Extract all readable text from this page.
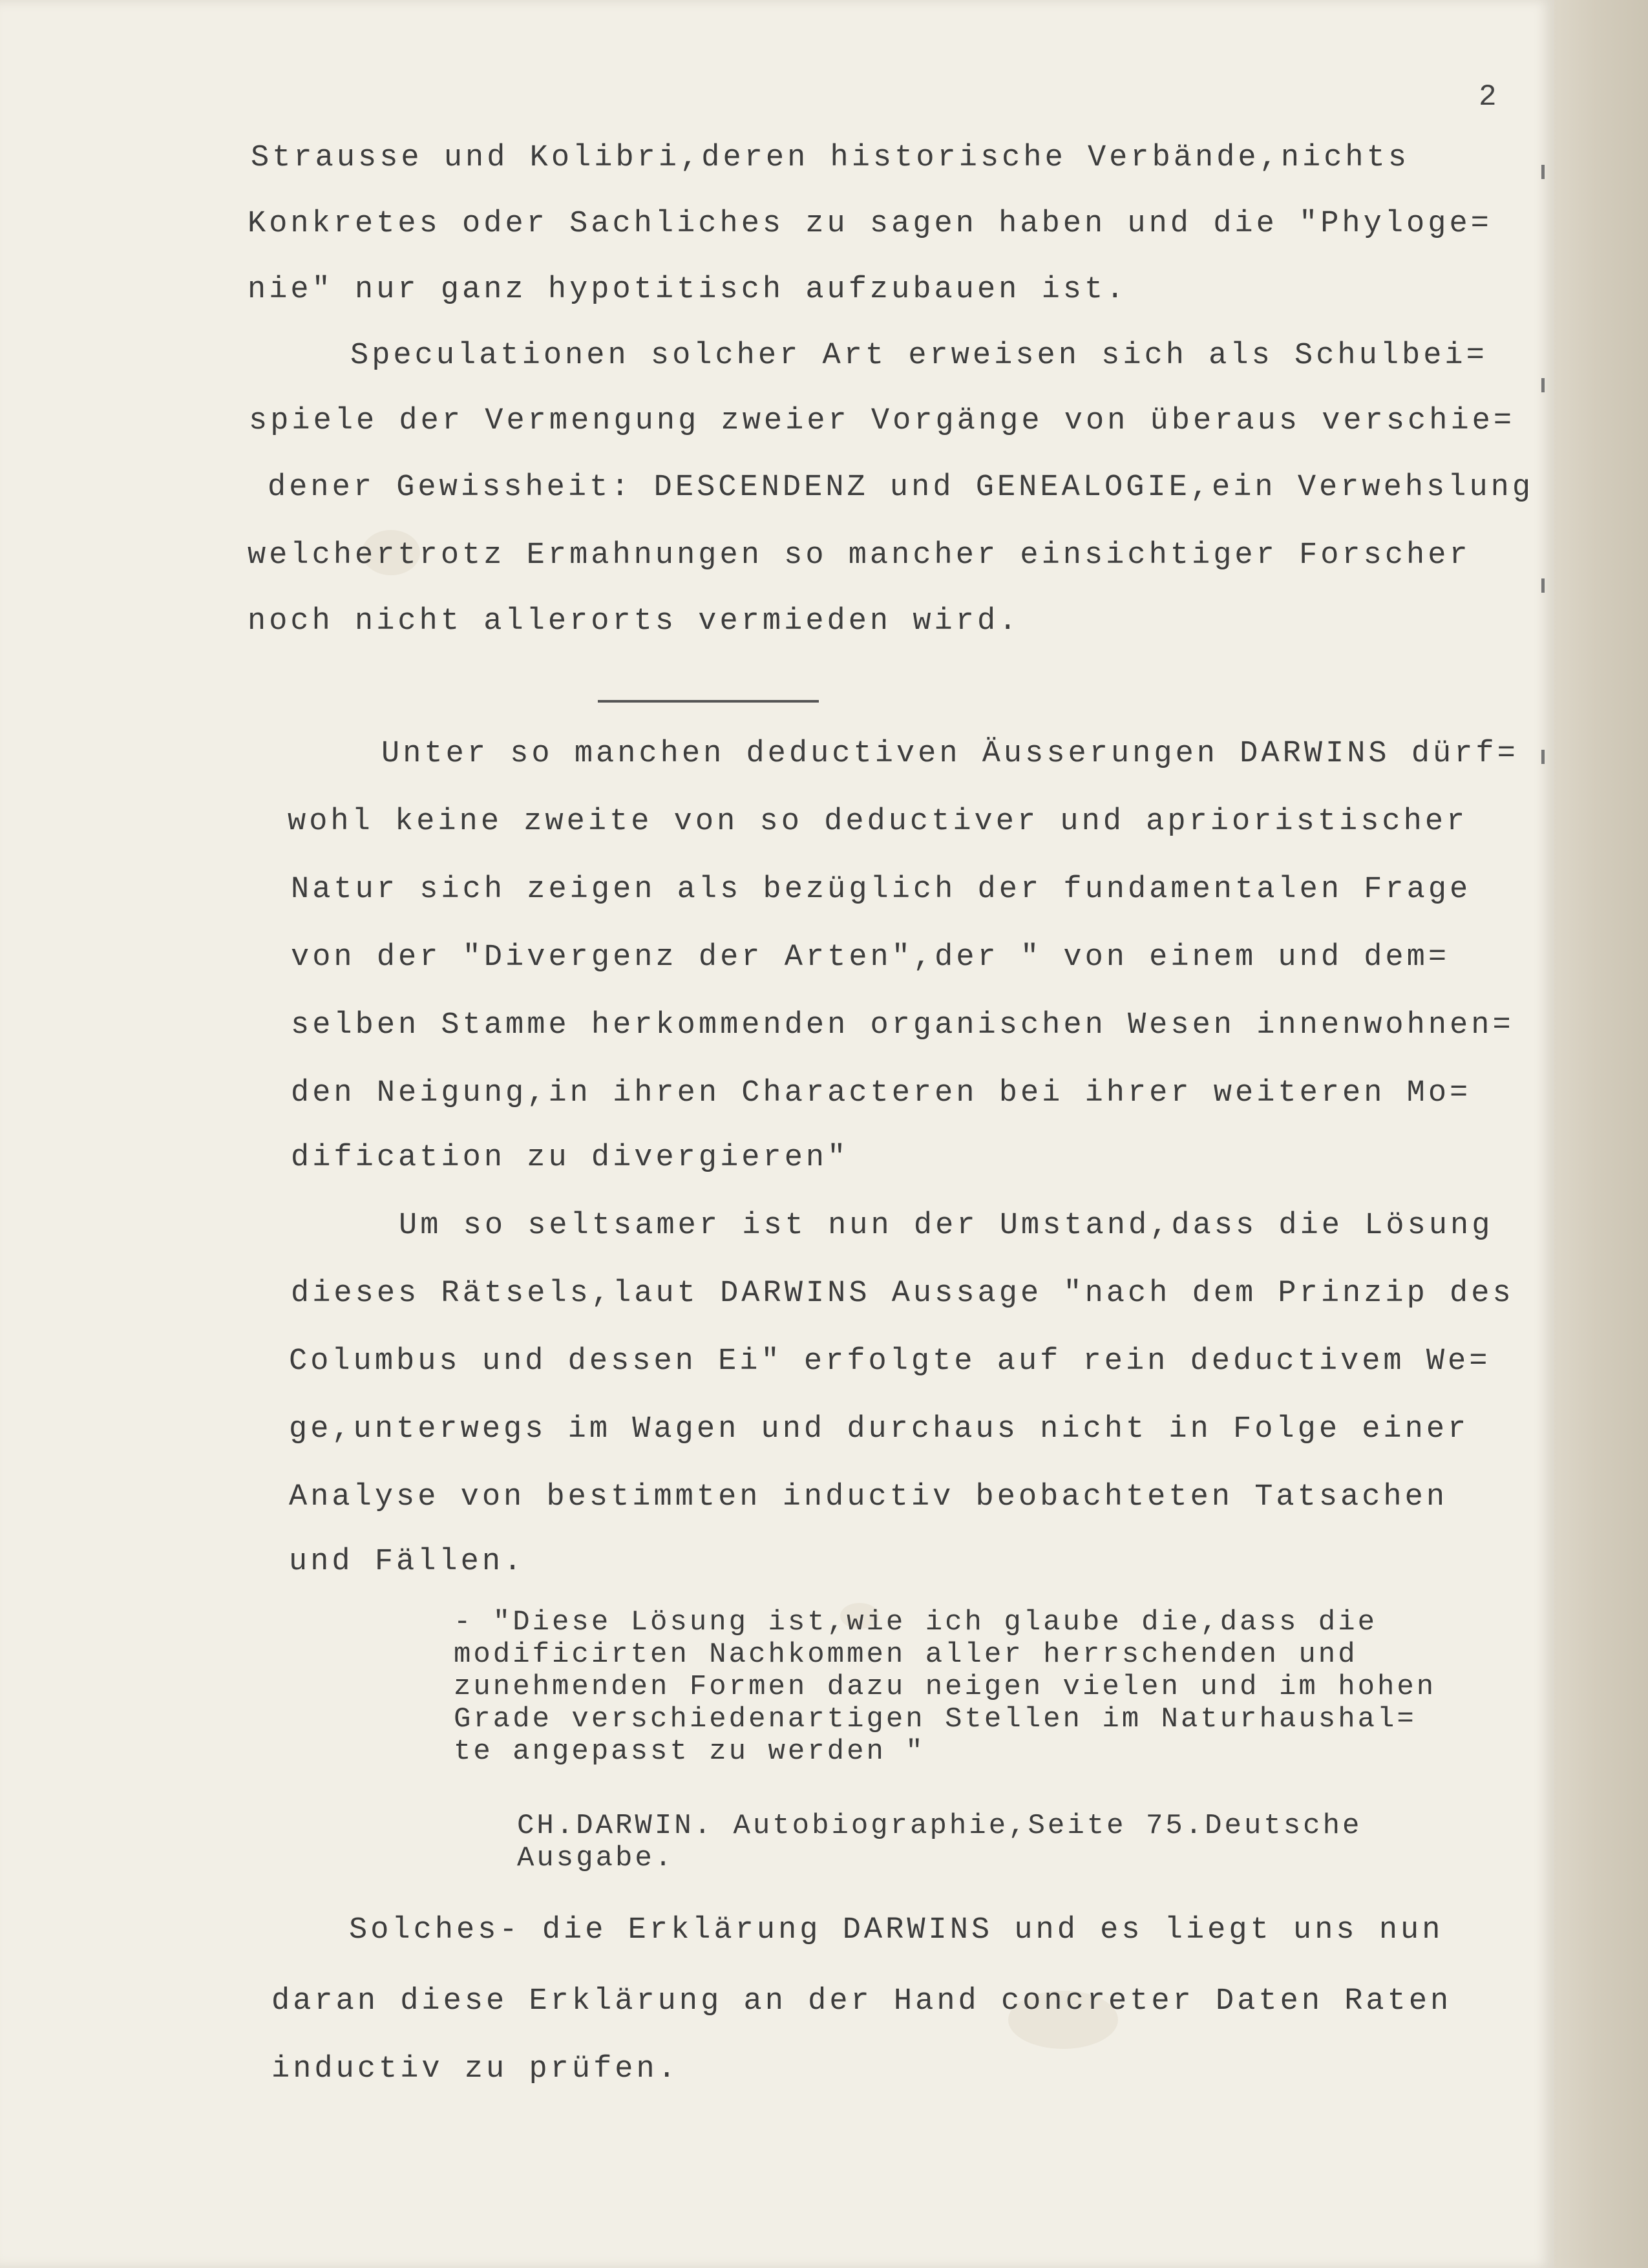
2
Strausse und Kolibri,deren historische Verbände,nichts
Konkretes oder Sachliches zu sagen haben und die "Phyloge=
nie" nur ganz hypotitisch aufzubauen ist.
Speculationen solcher Art erweisen sich als Schulbei=
spiele der Vermengung zweier Vorgänge von überaus verschie=
dener Gewissheit: DESCENDENZ und GENEALOGIE,ein Verwehslung
welchertrotz Ermahnungen so mancher einsichtiger Forscher
noch nicht allerorts vermieden wird.
Unter so manchen deductiven Äusserungen DARWINS dürf=
wohl keine zweite von so deductiver und aprioristischer
Natur sich zeigen als bezüglich der fundamentalen Frage
von der "Divergenz der Arten",der " von einem und dem=
selben Stamme herkommenden organischen Wesen innenwohnen=
den Neigung,in ihren Characteren bei ihrer weiteren Mo=
dification zu divergieren"
Um so seltsamer ist nun der Umstand,dass die Lösung
dieses Rätsels,laut DARWINS Aussage "nach dem Prinzip des
Columbus und dessen Ei" erfolgte auf rein deductivem We=
ge,unterwegs im Wagen und durchaus nicht in Folge einer
Analyse von bestimmten inductiv beobachteten Tatsachen
und Fällen.
- "Diese Lösung ist,wie ich glaube die,dass die
modificirten Nachkommen aller herrschenden und
zunehmenden Formen dazu neigen vielen und im hohen
Grade verschiedenartigen Stellen im Naturhaushal=
te angepasst zu werden "
CH.DARWIN. Autobiographie,Seite 75.Deutsche
Ausgabe.
Solches- die Erklärung DARWINS und es liegt uns nun
daran diese Erklärung an der Hand concreter Daten Raten
inductiv zu prüfen.
